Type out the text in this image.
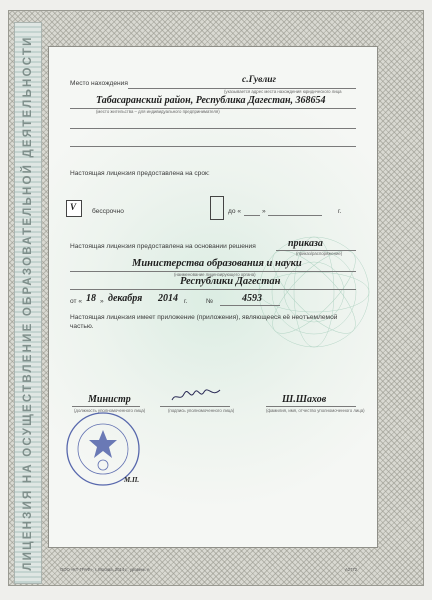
ЛИЦЕНЗИЯ НА ОСУЩЕСТВЛЕНИЕ ОБРАЗОВАТЕЛЬНОЙ ДЕЯТЕЛЬНОСТИ	Место нахождения	с.Гувлиг
(указывается адрес места нахождения юридического лица
Табасаранский район, Республика Дагестан, 368654
(место жительства – для индивидуального предпринимателя)
Настоящая лицензия предоставлена на срок:
V бессрочно	до «	»	г.
Настоящая лицензия предоставлена на основании решения	приказа
(приказ/распоряжение)
Министерства образования и науки
(наименование лицензирующего органа)
Республики Дагестан
от « 18 » декабря 2014 г.	№	4593
Настоящая лицензия имеет приложение (приложения), являющееся её неотъемлемой частью.
Министр
(должность уполномоченного лица)	(подпись уполномоченного лица)
Ш.Шахов
(фамилия, имя, отчество уполномоченного лица)
М.П.
ООО «КТ-ГРАФ», г. Москва, 2014 г., уровень А	А2772
